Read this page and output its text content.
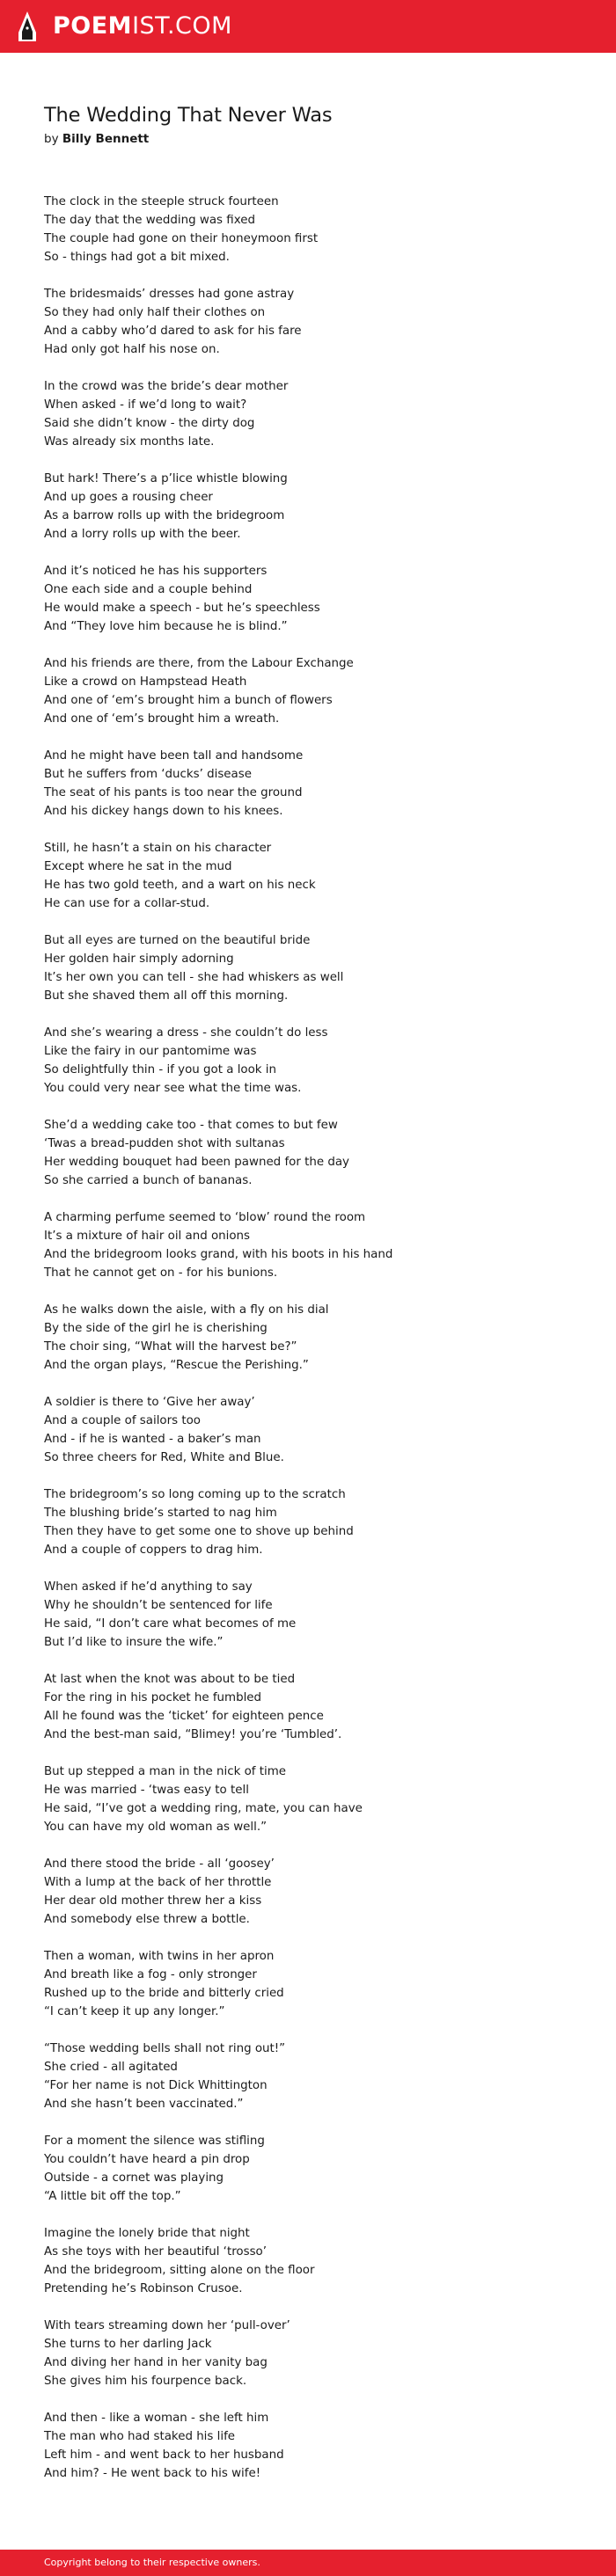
POEMIST.COM
The Wedding That Never Was
by Billy Bennett
The clock in the steeple struck fourteen
The day that the wedding was fixed
The couple had gone on their honeymoon first
So - things had got a bit mixed.
The bridesmaids’ dresses had gone astray
So they had only half their clothes on
And a cabby who’d dared to ask for his fare
Had only got half his nose on.
In the crowd was the bride’s dear mother
When asked - if we’d long to wait?
Said she didn’t know - the dirty dog
Was already six months late.
But hark! There’s a p’lice whistle blowing
And up goes a rousing cheer
As a barrow rolls up with the bridegroom
And a lorry rolls up with the beer.
And it’s noticed he has his supporters
One each side and a couple behind
He would make a speech - but he’s speechless
And “They love him because he is blind.”
And his friends are there, from the Labour Exchange
Like a crowd on Hampstead Heath
And one of ‘em’s brought him a bunch of flowers
And one of ‘em’s brought him a wreath.
And he might have been tall and handsome
But he suffers from ‘ducks’ disease
The seat of his pants is too near the ground
And his dickey hangs down to his knees.
Still, he hasn’t a stain on his character
Except where he sat in the mud
He has two gold teeth, and a wart on his neck
He can use for a collar-stud.
But all eyes are turned on the beautiful bride
Her golden hair simply adorning
It’s her own you can tell - she had whiskers as well
But she shaved them all off this morning.
And she’s wearing a dress - she couldn’t do less
Like the fairy in our pantomime was
So delightfully thin - if you got a look in
You could very near see what the time was.
She’d a wedding cake too - that comes to but few
‘Twas a bread-pudden shot with sultanas
Her wedding bouquet had been pawned for the day
So she carried a bunch of bananas.
A charming perfume seemed to ‘blow’ round the room
It’s a mixture of hair oil and onions
And the bridegroom looks grand, with his boots in his hand
That he cannot get on - for his bunions.
As he walks down the aisle, with a fly on his dial
By the side of the girl he is cherishing
The choir sing, “What will the harvest be?”
And the organ plays, “Rescue the Perishing.”
A soldier is there to ‘Give her away’
And a couple of sailors too
And - if he is wanted - a baker’s man
So three cheers for Red, White and Blue.
The bridegroom’s so long coming up to the scratch
The blushing bride’s started to nag him
Then they have to get some one to shove up behind
And a couple of coppers to drag him.
When asked if he’d anything to say
Why he shouldn’t be sentenced for life
He said, “I don’t care what becomes of me
But I’d like to insure the wife.”
At last when the knot was about to be tied
For the ring in his pocket he fumbled
All he found was the ‘ticket’ for eighteen pence
And the best-man said, “Blimey! you’re ‘Tumbled’.
But up stepped a man in the nick of time
He was married - ‘twas easy to tell
He said, “I’ve got a wedding ring, mate, you can have
You can have my old woman as well.”
And there stood the bride - all ‘goosey’
With a lump at the back of her throttle
Her dear old mother threw her a kiss
And somebody else threw a bottle.
Then a woman, with twins in her apron
And breath like a fog - only stronger
Rushed up to the bride and bitterly cried
“I can’t keep it up any longer.”
“Those wedding bells shall not ring out!”
She cried - all agitated
“For her name is not Dick Whittington
And she hasn’t been vaccinated.”
For a moment the silence was stifling
You couldn’t have heard a pin drop
Outside - a cornet was playing
“A little bit off the top.”
Imagine the lonely bride that night
As she toys with her beautiful ‘trosso’
And the bridegroom, sitting alone on the floor
Pretending he’s Robinson Crusoe.
With tears streaming down her ‘pull-over’
She turns to her darling Jack
And diving her hand in her vanity bag
She gives him his fourpence back.
And then - like a woman - she left him
The man who had staked his life
Left him - and went back to her husband
And him? - He went back to his wife!
Copyright belong to their respective owners.
